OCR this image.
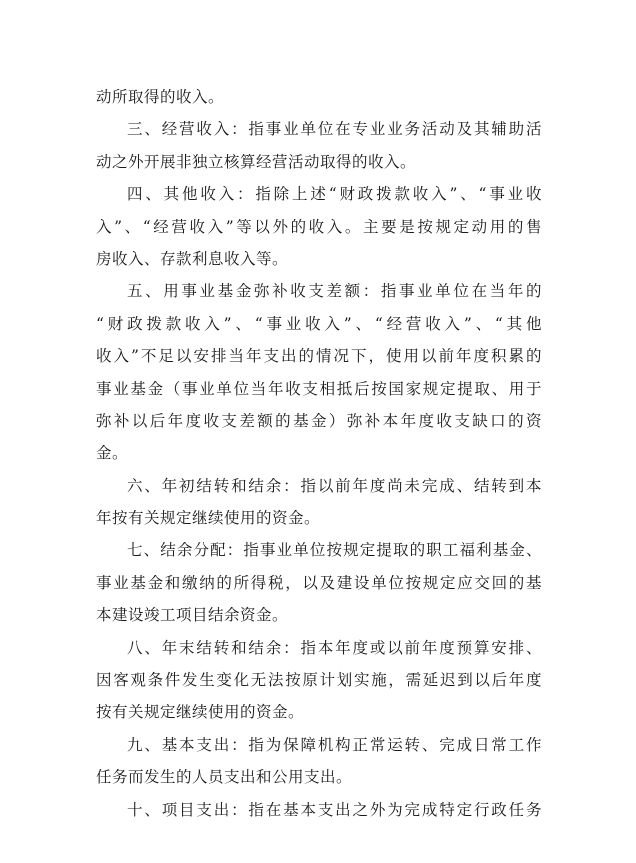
动所取得的收入。
三、经营收入：指事业单位在专业业务活动及其辅助活
动之外开展非独立核算经营活动取得的收入。
四、其他收入：指除上述“财政拨款收入”、“事业收
入”、“经营收入”等以外的收入。主要是按规定动用的售
房收入、存款利息收入等。
五、用事业基金弥补收支差额：指事业单位在当年的
“财政拨款收入”、“事业收入”、“经营收入”、“其他
收入”不足以安排当年支出的情况下，使用以前年度积累的
事业基金（事业单位当年收支相抵后按国家规定提取、用于
弥补以后年度收支差额的基金）弥补本年度收支缺口的资
金。
六、年初结转和结余：指以前年度尚未完成、结转到本
年按有关规定继续使用的资金。
七、结余分配：指事业单位按规定提取的职工福利基金、
事业基金和缴纳的所得税，以及建设单位按规定应交回的基
本建设竣工项目结余资金。
八、年末结转和结余：指本年度或以前年度预算安排、
因客观条件发生变化无法按原计划实施，需延迟到以后年度
按有关规定继续使用的资金。
九、基本支出：指为保障机构正常运转、完成日常工作
任务而发生的人员支出和公用支出。
十、项目支出：指在基本支出之外为完成特定行政任务
